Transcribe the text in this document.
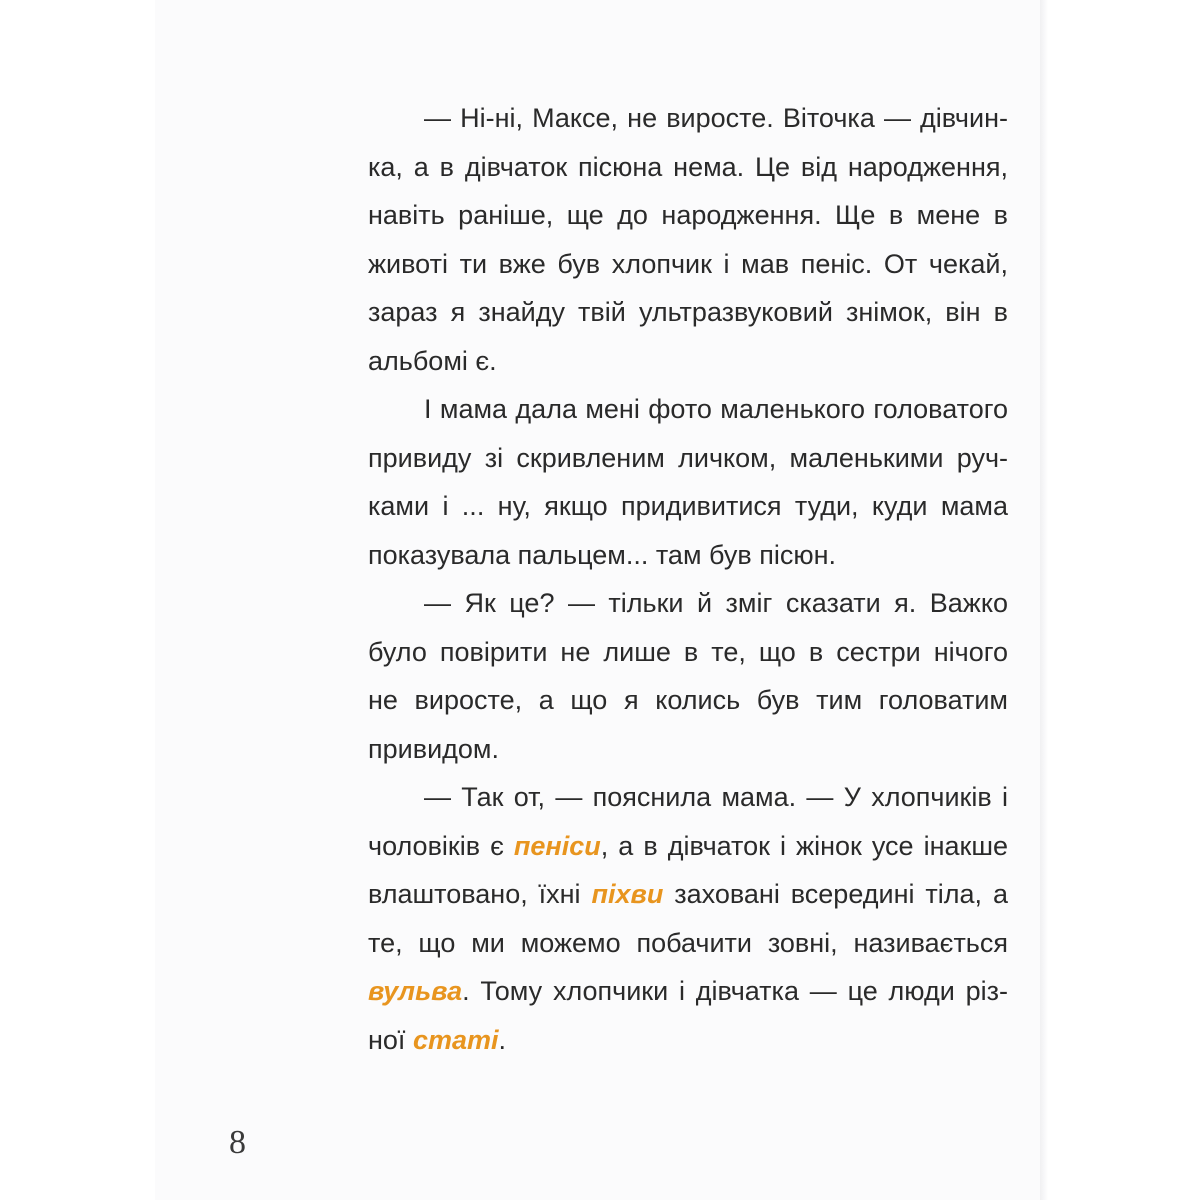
— Ні-ні, Максе, не виросте. Віточка — дівчин-
ка, а в дівчаток пісюна нема. Це від народження,
навіть раніше, ще до народження. Ще в мене в
животі ти вже був хлопчик і мав пеніс. От чекай,
зараз я знайду твій ультразвуковий знімок, він в
альбомі є.
І мама дала мені фото маленького головатого
привиду зі скривленим личком, маленькими руч-
ками і ... ну, якщо придивитися туди, куди мама
показувала пальцем... там був пісюн.
— Як це? — тільки й зміг сказати я. Важко
було повірити не лише в те, що в сестри нічого
не виросте, а що я колись був тим головатим
привидом.
— Так от, — пояснила мама. — У хлопчиків і
чоловіків є пеніси, а в дівчаток і жінок усе інакше
влаштовано, їхні піхви заховані всередині тіла, а
те, що ми можемо побачити зовні, називається
вульва. Тому хлопчики і дівчатка — це люди різ-
ної статі.
8
